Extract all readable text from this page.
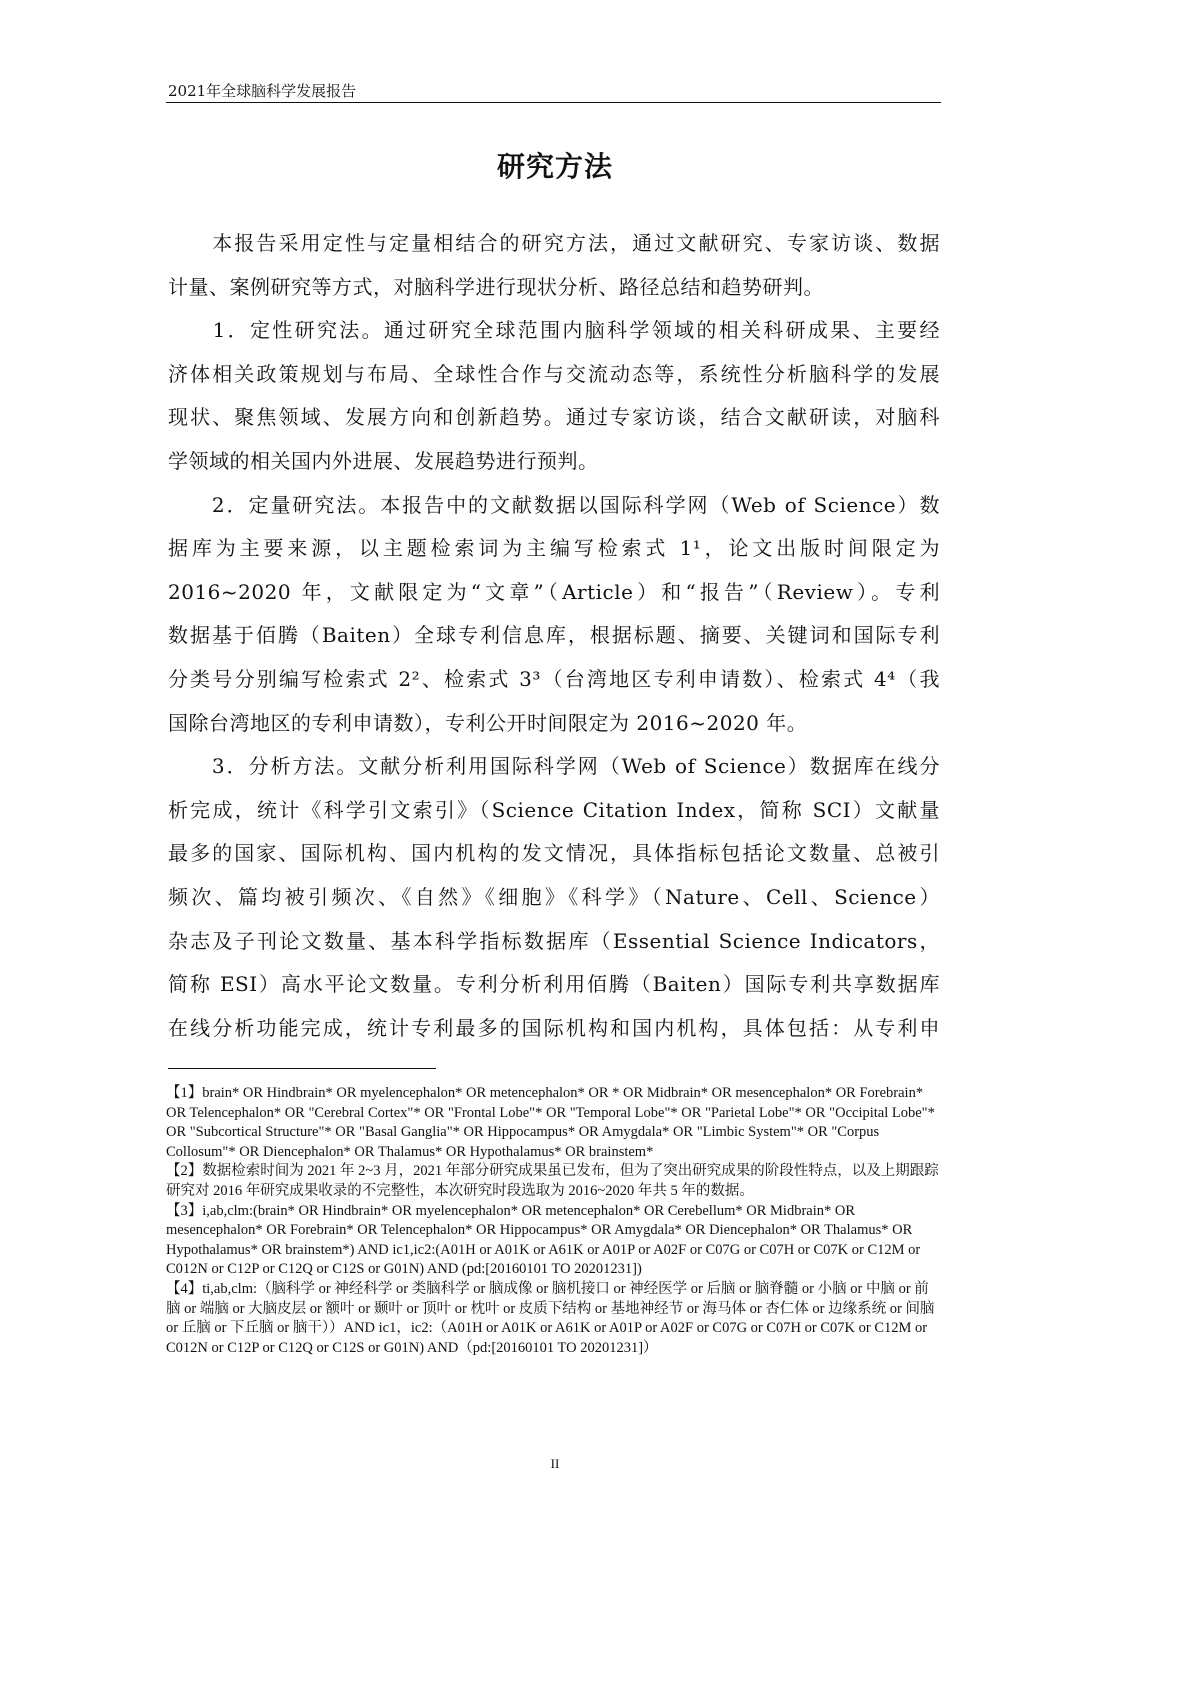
2021年全球脑科学发展报告
研究方法
　　本报告采用定性与定量相结合的研究方法，通过文献研究、专家访谈、数据
计量、案例研究等方式，对脑科学进行现状分析、路径总结和趋势研判。
　　1．定性研究法。通过研究全球范围内脑科学领域的相关科研成果、主要经
济体相关政策规划与布局、全球性合作与交流动态等，系统性分析脑科学的发展
现状、聚焦领域、发展方向和创新趋势。通过专家访谈，结合文献研读，对脑科
学领域的相关国内外进展、发展趋势进行预判。
　　2．定量研究法。本报告中的文献数据以国际科学网（Web of Science）数
据库为主要来源，以主题检索词为主编写检索式 1¹，论文出版时间限定为
2016~2020 年，文献限定为“文章”（Article）和“报告”（Review）。专利
数据基于佰腾（Baiten）全球专利信息库，根据标题、摘要、关键词和国际专利
分类号分别编写检索式 2²、检索式 3³（台湾地区专利申请数）、检索式 4⁴（我
国除台湾地区的专利申请数），专利公开时间限定为 2016~2020 年。
　　3．分析方法。文献分析利用国际科学网（Web of Science）数据库在线分
析完成，统计《科学引文索引》（Science Citation Index，简称 SCI）文献量
最多的国家、国际机构、国内机构的发文情况，具体指标包括论文数量、总被引
频次、篇均被引频次、《自然》《细胞》《科学》（Nature、Cell、Science）
杂志及子刊论文数量、基本科学指标数据库（Essential Science Indicators，
简称 ESI）高水平论文数量。专利分析利用佰腾（Baiten）国际专利共享数据库
在线分析功能完成，统计专利最多的国际机构和国内机构，具体包括：从专利申

【1】brain* OR Hindbrain* OR myelencephalon* OR metencephalon* OR * OR Midbrain* OR mesencephalon* OR Forebrain* OR Telencephalon* OR "Cerebral Cortex"* OR "Frontal Lobe"* OR "Temporal Lobe"* OR "Parietal Lobe"* OR "Occipital Lobe"* OR "Subcortical Structure"* OR "Basal Ganglia"* OR Hippocampus* OR Amygdala* OR "Limbic System"* OR "Corpus Collosum"* OR Diencephalon* OR Thalamus* OR Hypothalamus* OR brainstem*

【2】数据检索时间为 2021 年 2~3 月，2021 年部分研究成果虽已发布，但为了突出研究成果的阶段性特点，以及上期跟踪研究对 2016 年研究成果收录的不完整性，本次研究时段选取为 2016~2020 年共 5 年的数据。

【3】i,ab,clm:(brain* OR Hindbrain* OR myelencephalon* OR metencephalon* OR Cerebellum* OR Midbrain* OR mesencephalon* OR Forebrain* OR Telencephalon* OR Hippocampus* OR Amygdala* OR Diencephalon* OR Thalamus* OR Hypothalamus* OR brainstem*) AND ic1,ic2:(A01H or A01K or A61K or A01P or A02F or C07G or C07H or C07K or C12M or C012N or C12P or C12Q or C12S or G01N) AND (pd:[20160101 TO 20201231])

【4】ti,ab,clm:（脑科学 or 神经科学 or 类脑科学 or 脑成像 or 脑机接口 or 神经医学 or 后脑 or 脑脊髓 or 小脑 or 中脑 or 前脑 or 端脑 or 大脑皮层 or 额叶 or 颞叶 or 顶叶 or 枕叶 or 皮质下结构 or 基地神经节 or 海马体 or 杏仁体 or 边缘系统 or 间脑 or 丘脑 or 下丘脑 or 脑干））AND ic1，ic2:（A01H or A01K or A61K or A01P or A02F or C07G or C07H or C07K or C12M or C012N or C12P or C12Q or C12S or G01N) AND（pd:[20160101 TO 20201231]）

II
